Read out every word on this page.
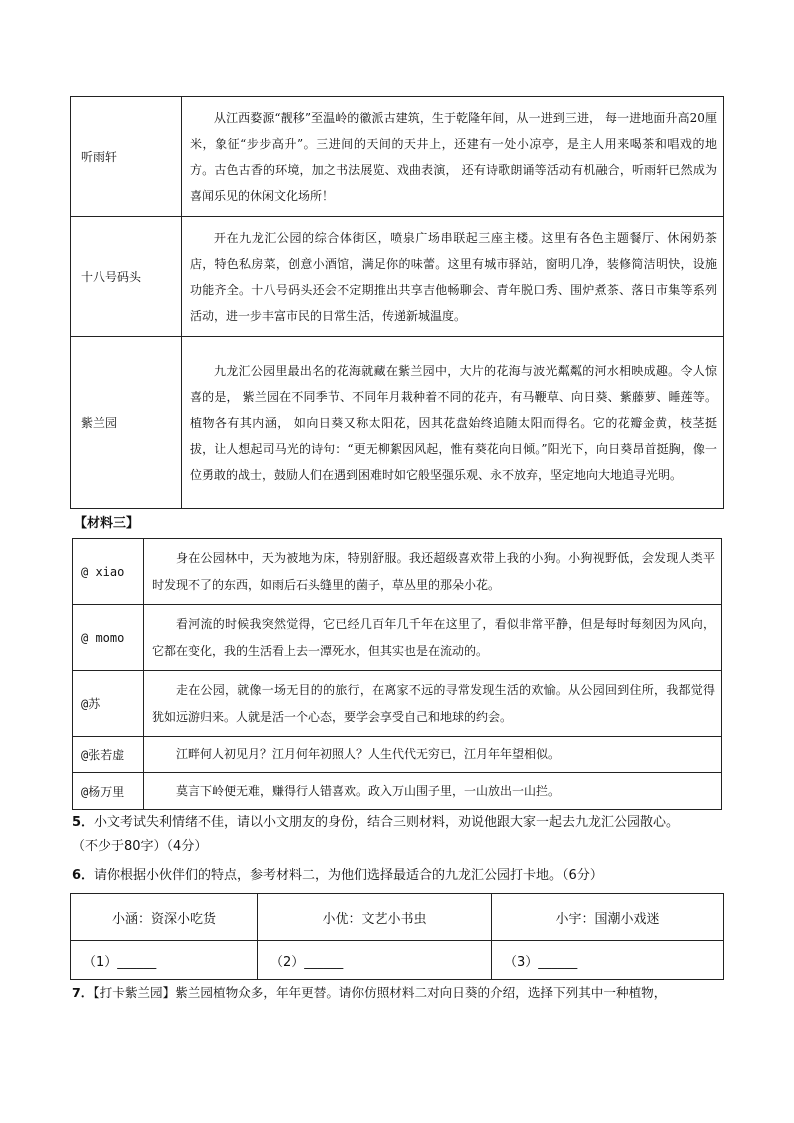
听雨轩	从江西婺源“靓移”至温岭的徽派古建筑，生于乾隆年间，从一进到三进， 每一进地面升高20厘米，象征“步步高升”。三进间的天间的天井上，还建有一处小凉亭，是主人用来喝茶和唱戏的地方。古色古香的环境，加之书法展览、戏曲表演， 还有诗歌朗诵等活动有机融合，听雨轩已然成为喜闻乐见的休闲文化场所！

十八号码头	开在九龙汇公园的综合体街区，喷泉广场串联起三座主楼。这里有各色主题餐厅、休闲奶茶店，特色私房菜，创意小酒馆，满足你的味蕾。这里有城市驿站，窗明几净，装修简洁明快，设施功能齐全。十八号码头还会不定期推出共享吉他畅聊会、青年脱口秀、围炉煮茶、落日市集等系列活动，进一步丰富市民的日常生活，传递新城温度。

紫兰园	九龙汇公园里最出名的花海就藏在紫兰园中，大片的花海与波光粼粼的河水相映成趣。令人惊喜的是， 紫兰园在不同季节、不同年月栽种着不同的花卉，有马鞭草、向日葵、紫藤萝、睡莲等。植物各有其内涵， 如向日葵又称太阳花，因其花盘始终追随太阳而得名。它的花瓣金黄，枝茎挺拔，让人想起司马光的诗句：“更无柳絮因风起，惟有葵花向日倾。”阳光下，向日葵昂首挺胸，像一位勇敢的战士，鼓励人们在遇到困难时如它般坚强乐观、永不放弃，坚定地向大地追寻光明。
【材料三】
@ xiao	身在公园林中，天为被地为床，特别舒服。我还超级喜欢带上我的小狗。小狗视野低，会发现人类平时发现不了的东西，如雨后石头缝里的菌子，草丛里的那朵小花。

@ momo	看河流的时候我突然觉得，它已经几百年几千年在这里了，看似非常平静，但是每时每刻因为风向，它都在变化，我的生活看上去一潭死水，但其实也是在流动的。

@苏	走在公园，就像一场无目的的旅行，在离家不远的寻常发现生活的欢愉。从公园回到住所，我都觉得犹如远游归来。人就是活一个心态，要学会享受自己和地球的约会。

@张若虚	江畔何人初见月？江月何年初照人？人生代代无穷已，江月年年望相似。

@杨万里	莫言下岭便无难，赚得行人错喜欢。政入万山围子里，一山放出一山拦。
5．小文考试失利情绪不佳，请以小文朋友的身份，结合三则材料，劝说他跟大家一起去九龙汇公园散心。
（不少于80字）（4分）
6．请你根据小伙伴们的特点，参考材料二，为他们选择最适合的九龙汇公园打卡地。（6分）
小涵：资深小吃货	小优：文艺小书虫	小宇：国潮小戏迷
（1）______	（2）______	（3）______
7．【打卡紫兰园】紫兰园植物众多，年年更替。请你仿照材料二对向日葵的介绍，选择下列其中一种植物，
